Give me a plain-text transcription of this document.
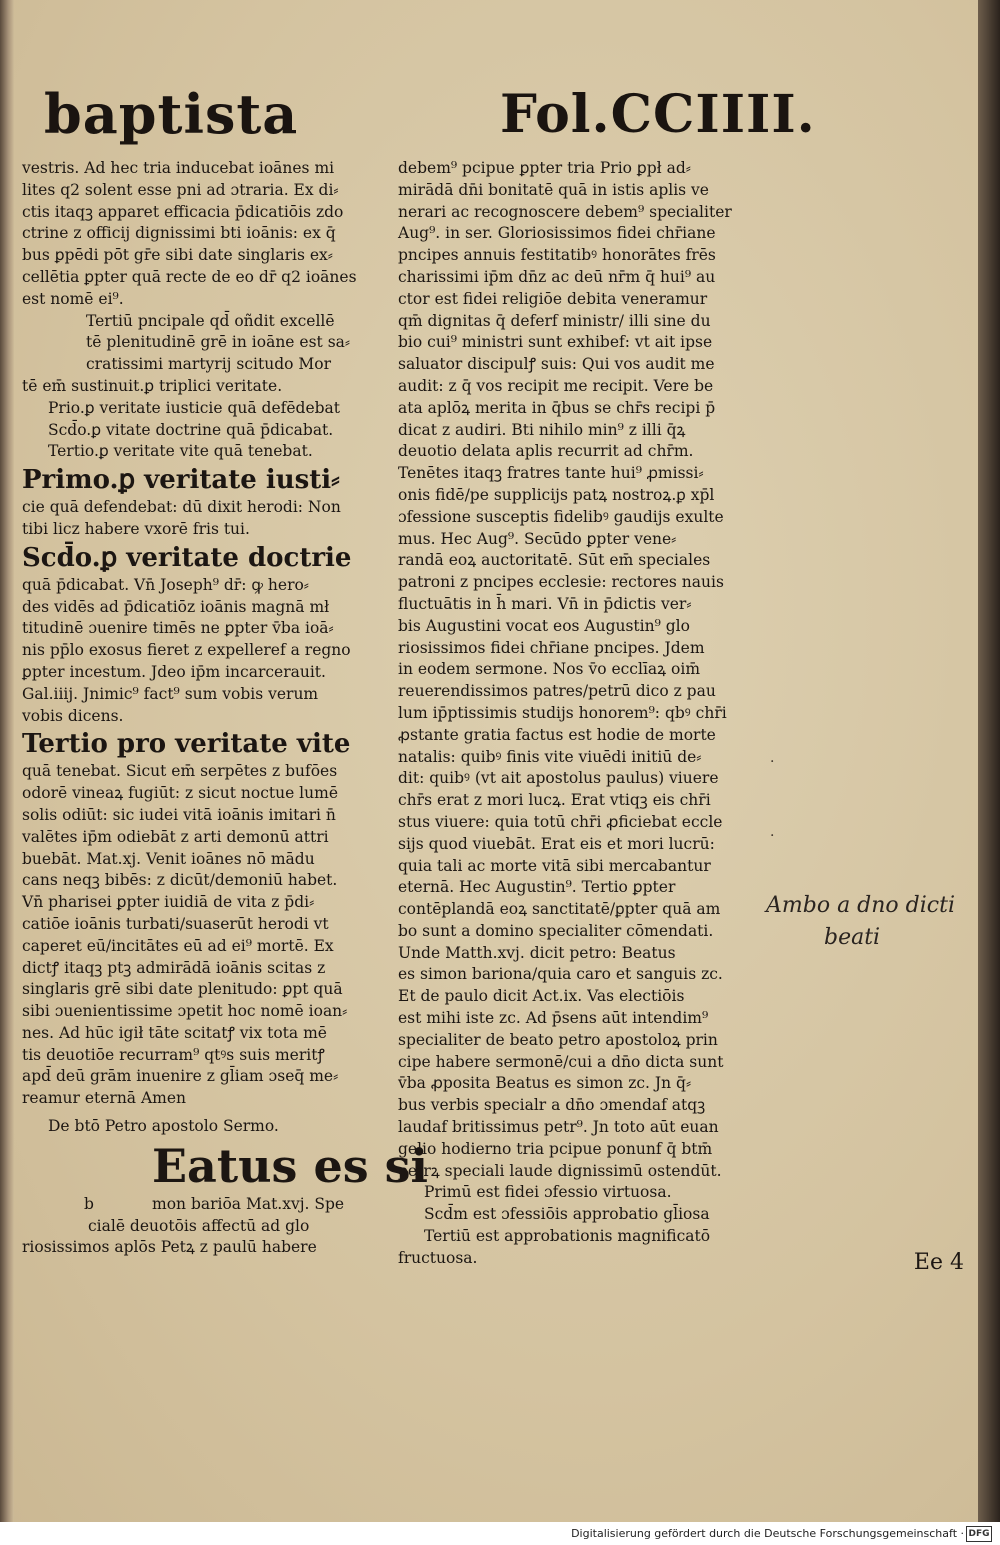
baptista	Fol.CCIIII.
vestris. Ad hec tria inducebat ioānes mi
lites q2 solent esse pni ad ɔtraria. Ex di⸗
ctis itaqꝫ apparet efficacia p̄dicatiōis zdo
ctrine z officij dignissimi bti ioānis: ex q̄
bus ꝑpēdi pōt gr̄e sibi date singlaris ex⸗
cellētia ꝑpter quā recte de eo dr̄ q2 ioānes
est nomē ei⁹.
Tertiū pncipale qd̄ oñdit excellē
tē plenitudinē grē in ioāne est sa⸗
cratissimi martyrij scitudo Mor
tē em̄ sustinuit.ꝑ triplici veritate.
Prio.ꝑ veritate iusticie quā defēdebat
Scd̄o.ꝑ vitate doctrine quā p̄dicabat.
Tertio.ꝑ veritate vite quā tenebat.
Primo.ꝑ veritate iusti⸗
cie quā defendebat: dū dixit herodi: Non
tibi licz habere vxorē fris tui.
Scd̄o.ꝑ veritate doctrie
quā p̄dicabat. Vn̄ Joseph⁹ dr̄: ꝙ hero⸗
des vidēs ad p̄dicatiōz ioānis magnā mł
titudinē ɔuenire timēs ne ꝑpter v̄ba ioā⸗
nis pp̄lo exosus fieret z expelleref a regno
ꝑpter incestum. Jdeo ip̄m incarcerauit.
Gal.iiij. Jnimic⁹ fact⁹ sum vobis verum
vobis dicens.
Tertio pro veritate vite
quā tenebat. Sicut em̄ serpētes z bufōes
odorē vineaꝝ fugiūt: z sicut noctue lumē
solis odiūt: sic iudei vitā ioānis imitari n̄
valētes ip̄m odiebāt z arti demonū attri
buebāt. Mat.xj. Venit ioānes nō mādu
cans neqꝫ bibēs: z dicūt/demoniū habet.
Vn̄ pharisei ꝑpter iuidiā de vita z p̄di⸗
catiōe ioānis turbati/suaserūt herodi vt
caperet eū/incitātes eū ad ei⁹ mortē. Ex
dictꝭ itaqꝫ ptꝫ admirādā ioānis scitas z
singlaris grē sibi date plenitudo: ꝑpt quā
sibi ɔuenientissime ɔpetit hoc nomē ioan⸗
nes. Ad hūc igił tāte scitatꝭ vix tota mē
tis deuotiōe recurram⁹ qtꝰs suis meritꝭ
apd̄ deū grām inuenire z gl̄iam ɔseq̄ me⸗
reamur eternā Amen
De btō Petro apostolo Sermo.
Eatus es si
b	mon bariōa Mat.xvj. Spe
cialē deuotōis affectū ad glo
riosissimos aplōs Petꝝ z paulū habere
debem⁹ pcipue ꝑpter tria Prio ꝑpł ad⸗
mirādā dn̄i bonitatē quā in istis aplis ve
nerari ac recognoscere debem⁹ specialiter
Aug⁹. in ser. Gloriosissimos fidei chr̄iane
pncipes annuis festitatibꝰ honorātes frēs
charissimi ip̄m dn̄z ac deū nr̄m q̄ hui⁹ au
ctor est fidei religiōe debita veneramur
qm̄ dignitas q̄ deferf ministr/ illi sine du
bio cui⁹ ministri sunt exhibef: vt ait ipse
saluator discipulꝭ suis: Qui vos audit me
audit: z q̄ vos recipit me recipit. Vere be
ata aplōꝝ merita in q̄bus se chr̄s recipi p̄
dicat z audiri. Bti nihilo min⁹ z illi q̄ꝝ
deuotio delata aplis recurrit ad chr̄m.
Tenētes itaqꝫ fratres tante hui⁹ ꝓmissi⸗
onis fidē/pe supplicijs patꝝ nostroꝝ.ꝑ xp̄l
ɔfessione susceptis fidelibꝰ gaudijs exulte
mus. Hec Aug⁹. Secūdo ꝑpter vene⸗
randā eoꝝ auctoritatē. Sūt em̄ speciales
patroni z pncipes ecclesie: rectores nauis
fluctuātis in h̄ mari. Vn̄ in p̄dictis ver⸗
bis Augustini vocat eos Augustin⁹ glo
riosissimos fidei chr̄iane pncipes. Jdem
in eodem sermone. Nos v̄o ecclīaꝝ oim̄
reuerendissimos patres/petrū dico z pau
lum ip̄ptissimis studijs honorem⁹: qbꝰ chr̄i
ꝓstante gratia factus est hodie de morte
natalis: quibꝰ finis vite viuēdi initiū de⸗
dit: quibꝰ (vt ait apostolus paulus) viuere
chr̄s erat z mori lucꝝ. Erat vtiqꝫ eis chr̄i
stus viuere: quia totū chr̄i ꝓficiebat eccle
sijs quod viuebāt. Erat eis et mori lucrū:
quia tali ac morte vitā sibi mercabantur
eternā. Hec Augustin⁹. Tertio ꝑpter
contēplandā eoꝝ sanctitatē/ꝑpter quā am
bo sunt a domino specialiter cōmendati.
Unde Matth.xvj. dicit petro: Beatus
es simon bariona/quia caro et sanguis zc.
Et de paulo dicit Act.ix. Vas electiōis
est mihi iste zc. Ad p̄sens aūt intendim⁹
specialiter de beato petro apostoloꝝ prin
cipe habere sermonē/cui a dn̄o dicta sunt
v̄ba ꝓposita Beatus es simon zc. Jn q̄⸗
bus verbis specialr a dn̄o ɔmendaf atqꝫ
laudaf britissimus petr⁹. Jn toto aūt euan
gelio hodierno tria pcipue ponunf q̄ btm̄
petrꝝ speciali laude dignissimū ostendūt.
Primū est fidei ɔfessio virtuosa.
Scd̄m est ɔfessiōis approbatio gl̄iosa
Tertiū est approbationis magnificatō
fructuosa.	Ee 4
Ambo a dno dicti
beati
·
·
Digitalisierung gefördert durch die Deutsche Forschungsgemeinschaft · DFG
